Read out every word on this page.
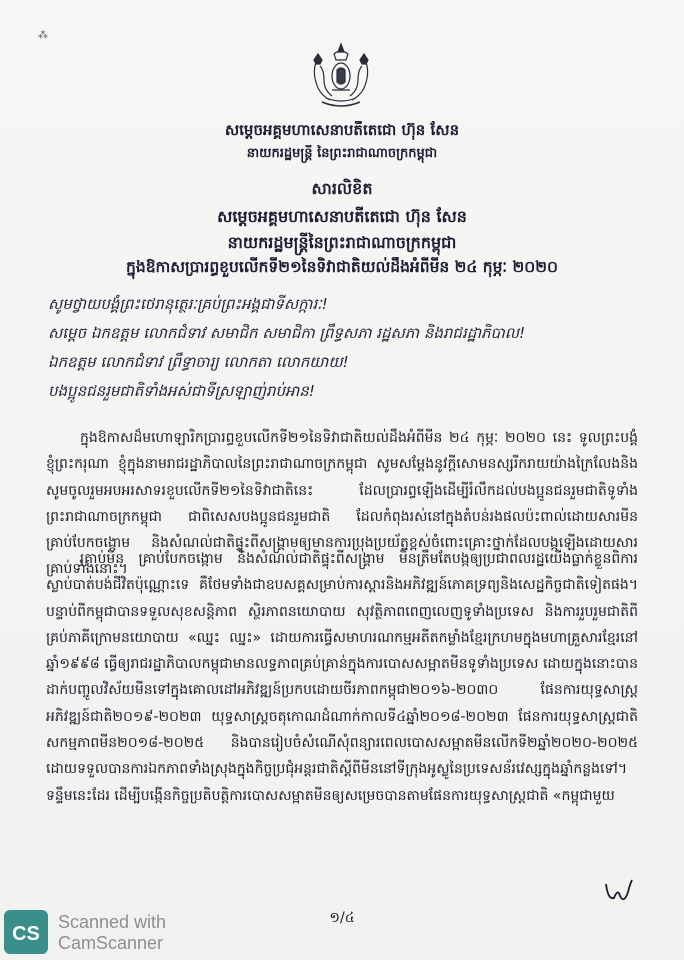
⁂
សម្តេចអគ្គមហាសេនាបតីតេជោ ហ៊ុន សែន
នាយករដ្ឋមន្ត្រី នៃព្រះរាជាណាចក្រកម្ពុជា
សារលិខិត
សម្តេចអគ្គមហាសេនាបតីតេជោ ហ៊ុន សែន
នាយករដ្ឋមន្ត្រីនៃព្រះរាជាណាចក្រកម្ពុជា
ក្នុងឱកាសប្រារព្ធខួបលើកទី២១នៃទិវាជាតិយល់ដឹងអំពីមីន ២៤ កុម្ភៈ ២០២០
សូមថ្វាយបង្គំព្រះថេរានុត្ថេរៈគ្រប់ព្រះអង្គជាទីសក្ការៈ!
សម្តេច ឯកឧត្តម លោកជំទាវ សមាជិក សមាជិកា ព្រឹទ្ធសភា រដ្ឋសភា និងរាជរដ្ឋាភិបាល!
ឯកឧត្តម លោកជំទាវ ព្រឹទ្ធាចារ្យ លោកតា លោកយាយ!
បងប្អូនជនរួមជាតិទាំងអស់ជាទីស្រឡាញ់រាប់អាន!
ក្នុងឱកាសដ៏មហោឡារិកប្រារព្ធខួបលើកទី២១នៃទិវាជាតិយល់ដឹងអំពីមីន ២៤ កុម្ភៈ ២០២០ នេះ ទូលព្រះបង្គំ ខ្ញុំព្រះករុណា ខ្ញុំក្នុងនាមរាជរដ្ឋាភិបាលនៃព្រះរាជាណាចក្រកម្ពុជា សូមសម្តែងនូវក្តីសោមនស្សរីករាយយ៉ាងក្រៃលែងនិងសូមចូលរួមអបអរសាទរខួបលើកទី២១នៃទិវាជាតិនេះ ដែលប្រារព្ធឡើងដើម្បីរំលឹកដល់បងប្អូនជនរួមជាតិទូទាំងព្រះរាជាណាចក្រកម្ពុជា ជាពិសេសបងប្អូនជនរួមជាតិ ដែលកំពុងរស់នៅក្នុងតំបន់រងផលប៉ះពាល់ដោយសារមីន គ្រាប់បែកចង្កោម និងសំណល់ជាតិផ្ទុះពីសង្គ្រាមឲ្យមានការប្រុងប្រយ័ត្នខ្ពស់ចំពោះគ្រោះថ្នាក់ដែលបង្កឡើងដោយសារគ្រាប់ទាំងនោះ។
គ្រាប់មីន គ្រាប់បែកចង្កោម និងសំណល់ជាតិផ្ទុះពីសង្គ្រាម មិនត្រឹមតែបង្កឲ្យប្រជាពលរដ្ឋយើងធ្លាក់ខ្លួនពិការ ស្លាប់បាត់បង់ជីវិតប៉ុណ្ណោះទេ គឺថែមទាំងជាឧបសគ្គសម្រាប់ការស្តារនិងអភិវឌ្ឍន៍ភោគទ្រព្យនិងសេដ្ឋកិច្ចជាតិទៀតផង។ បន្ទាប់ពីកម្ពុជាបានទទួលសុខសន្តិភាព ស្ថិរភាពនយោបាយ សុវត្ថិភាពពេញលេញទូទាំងប្រទេស និងការរួបរួមជាតិពីគ្រប់ភាគីក្រោមនយោបាយ «ឈ្នះ ឈ្នះ» ដោយការធ្វើសមាហរណកម្មអតីតកម្លាំងខ្មែរក្រហមក្នុងមហាគ្រួសារខ្មែរនៅឆ្នាំ១៩៩៨ ធ្វើឲ្យរាជរដ្ឋាភិបាលកម្ពុជាមានលទ្ធភាពគ្រប់គ្រាន់ក្នុងការបោសសម្អាតមីនទូទាំងប្រទេស ដោយក្នុងនោះបានដាក់បញ្ចូលវិស័យមីនទៅក្នុងគោលដៅអភិវឌ្ឍន៍ប្រកបដោយចីរភាពកម្ពុជា២០១៦-២០៣០ ផែនការយុទ្ធសាស្ត្រអភិវឌ្ឍន៍ជាតិ២០១៩-២០២៣ យុទ្ធសាស្ត្រចតុកោណដំណាក់កាលទី៤ឆ្នាំ២០១៨-២០២៣ ផែនការយុទ្ធសាស្ត្រជាតិសកម្មភាពមីន២០១៨-២០២៥ និងបានរៀបចំសំណើសុំពន្យារពេលបោសសម្អាតមីនលើកទី២ឆ្នាំ២០២០-២០២៥ ដោយទទួលបានការឯកភាពទាំងស្រុងក្នុងកិច្ចប្រជុំអន្តរជាតិស្តីពីមីននៅទីក្រុងអូស្លូនៃប្រទេសន័រវេស្សក្នុងឆ្នាំកន្លងទៅ។ ទន្ទឹមនេះដែរ ដើម្បីបង្កើនកិច្ចប្រតិបត្តិការបោសសម្អាតមីនឲ្យសម្រេចបានតាមផែនការយុទ្ធសាស្ត្រជាតិ «កម្ពុជាមួយ
១/៤
CS
Scanned with
CamScanner
